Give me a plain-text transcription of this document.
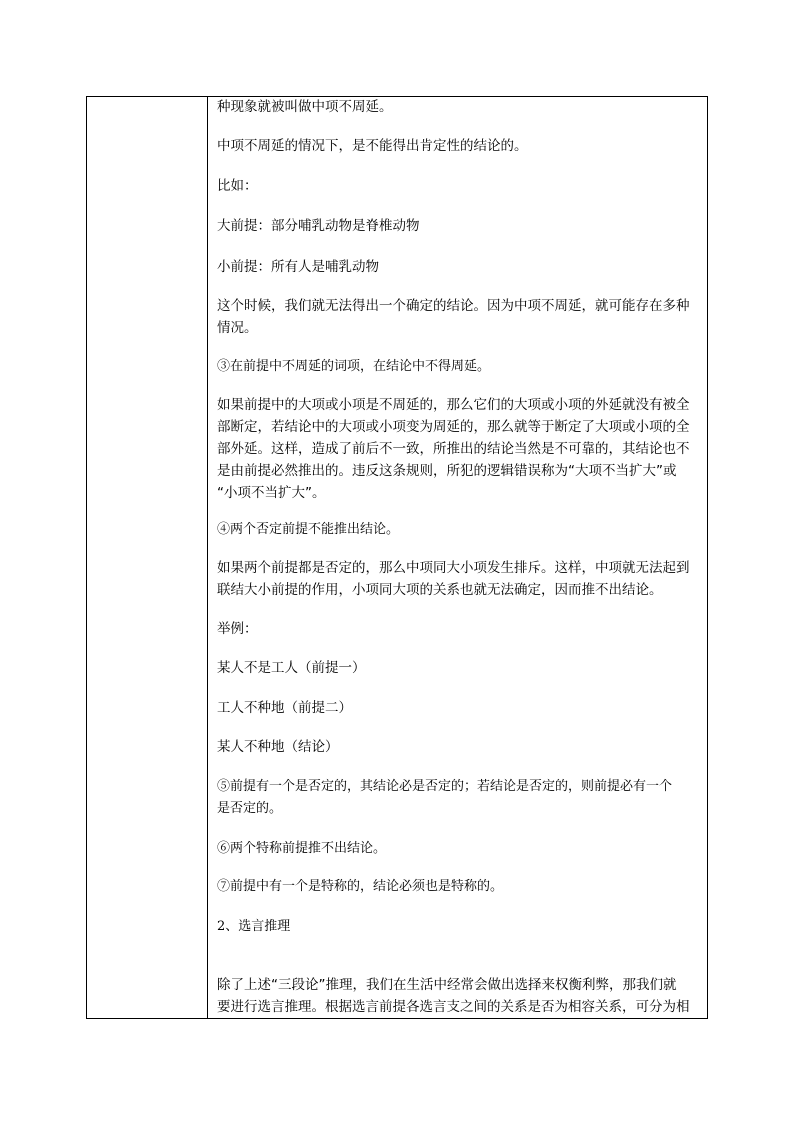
种现象就被叫做中项不周延。
中项不周延的情况下，是不能得出肯定性的结论的。
比如：
大前提：部分哺乳动物是脊椎动物
小前提：所有人是哺乳动物
这个时候，我们就无法得出一个确定的结论。因为中项不周延，就可能存在多种
情况。
③在前提中不周延的词项，在结论中不得周延。
如果前提中的大项或小项是不周延的，那么它们的大项或小项的外延就没有被全
部断定，若结论中的大项或小项变为周延的，那么就等于断定了大项或小项的全
部外延。这样，造成了前后不一致，所推出的结论当然是不可靠的，其结论也不
是由前提必然推出的。违反这条规则，所犯的逻辑错误称为“大项不当扩大”或
“小项不当扩大”。
④两个否定前提不能推出结论。
如果两个前提都是否定的，那么中项同大小项发生排斥。这样，中项就无法起到
联结大小前提的作用，小项同大项的关系也就无法确定，因而推不出结论。
举例：
某人不是工人（前提一）
工人不种地（前提二）
某人不种地（结论）
⑤前提有一个是否定的，其结论必是否定的；若结论是否定的，则前提必有一个
是否定的。
⑥两个特称前提推不出结论。
⑦前提中有一个是特称的，结论必须也是特称的。
2、选言推理
除了上述“三段论”推理，我们在生活中经常会做出选择来权衡利弊，那我们就
要进行选言推理。根据选言前提各选言支之间的关系是否为相容关系，可分为相
